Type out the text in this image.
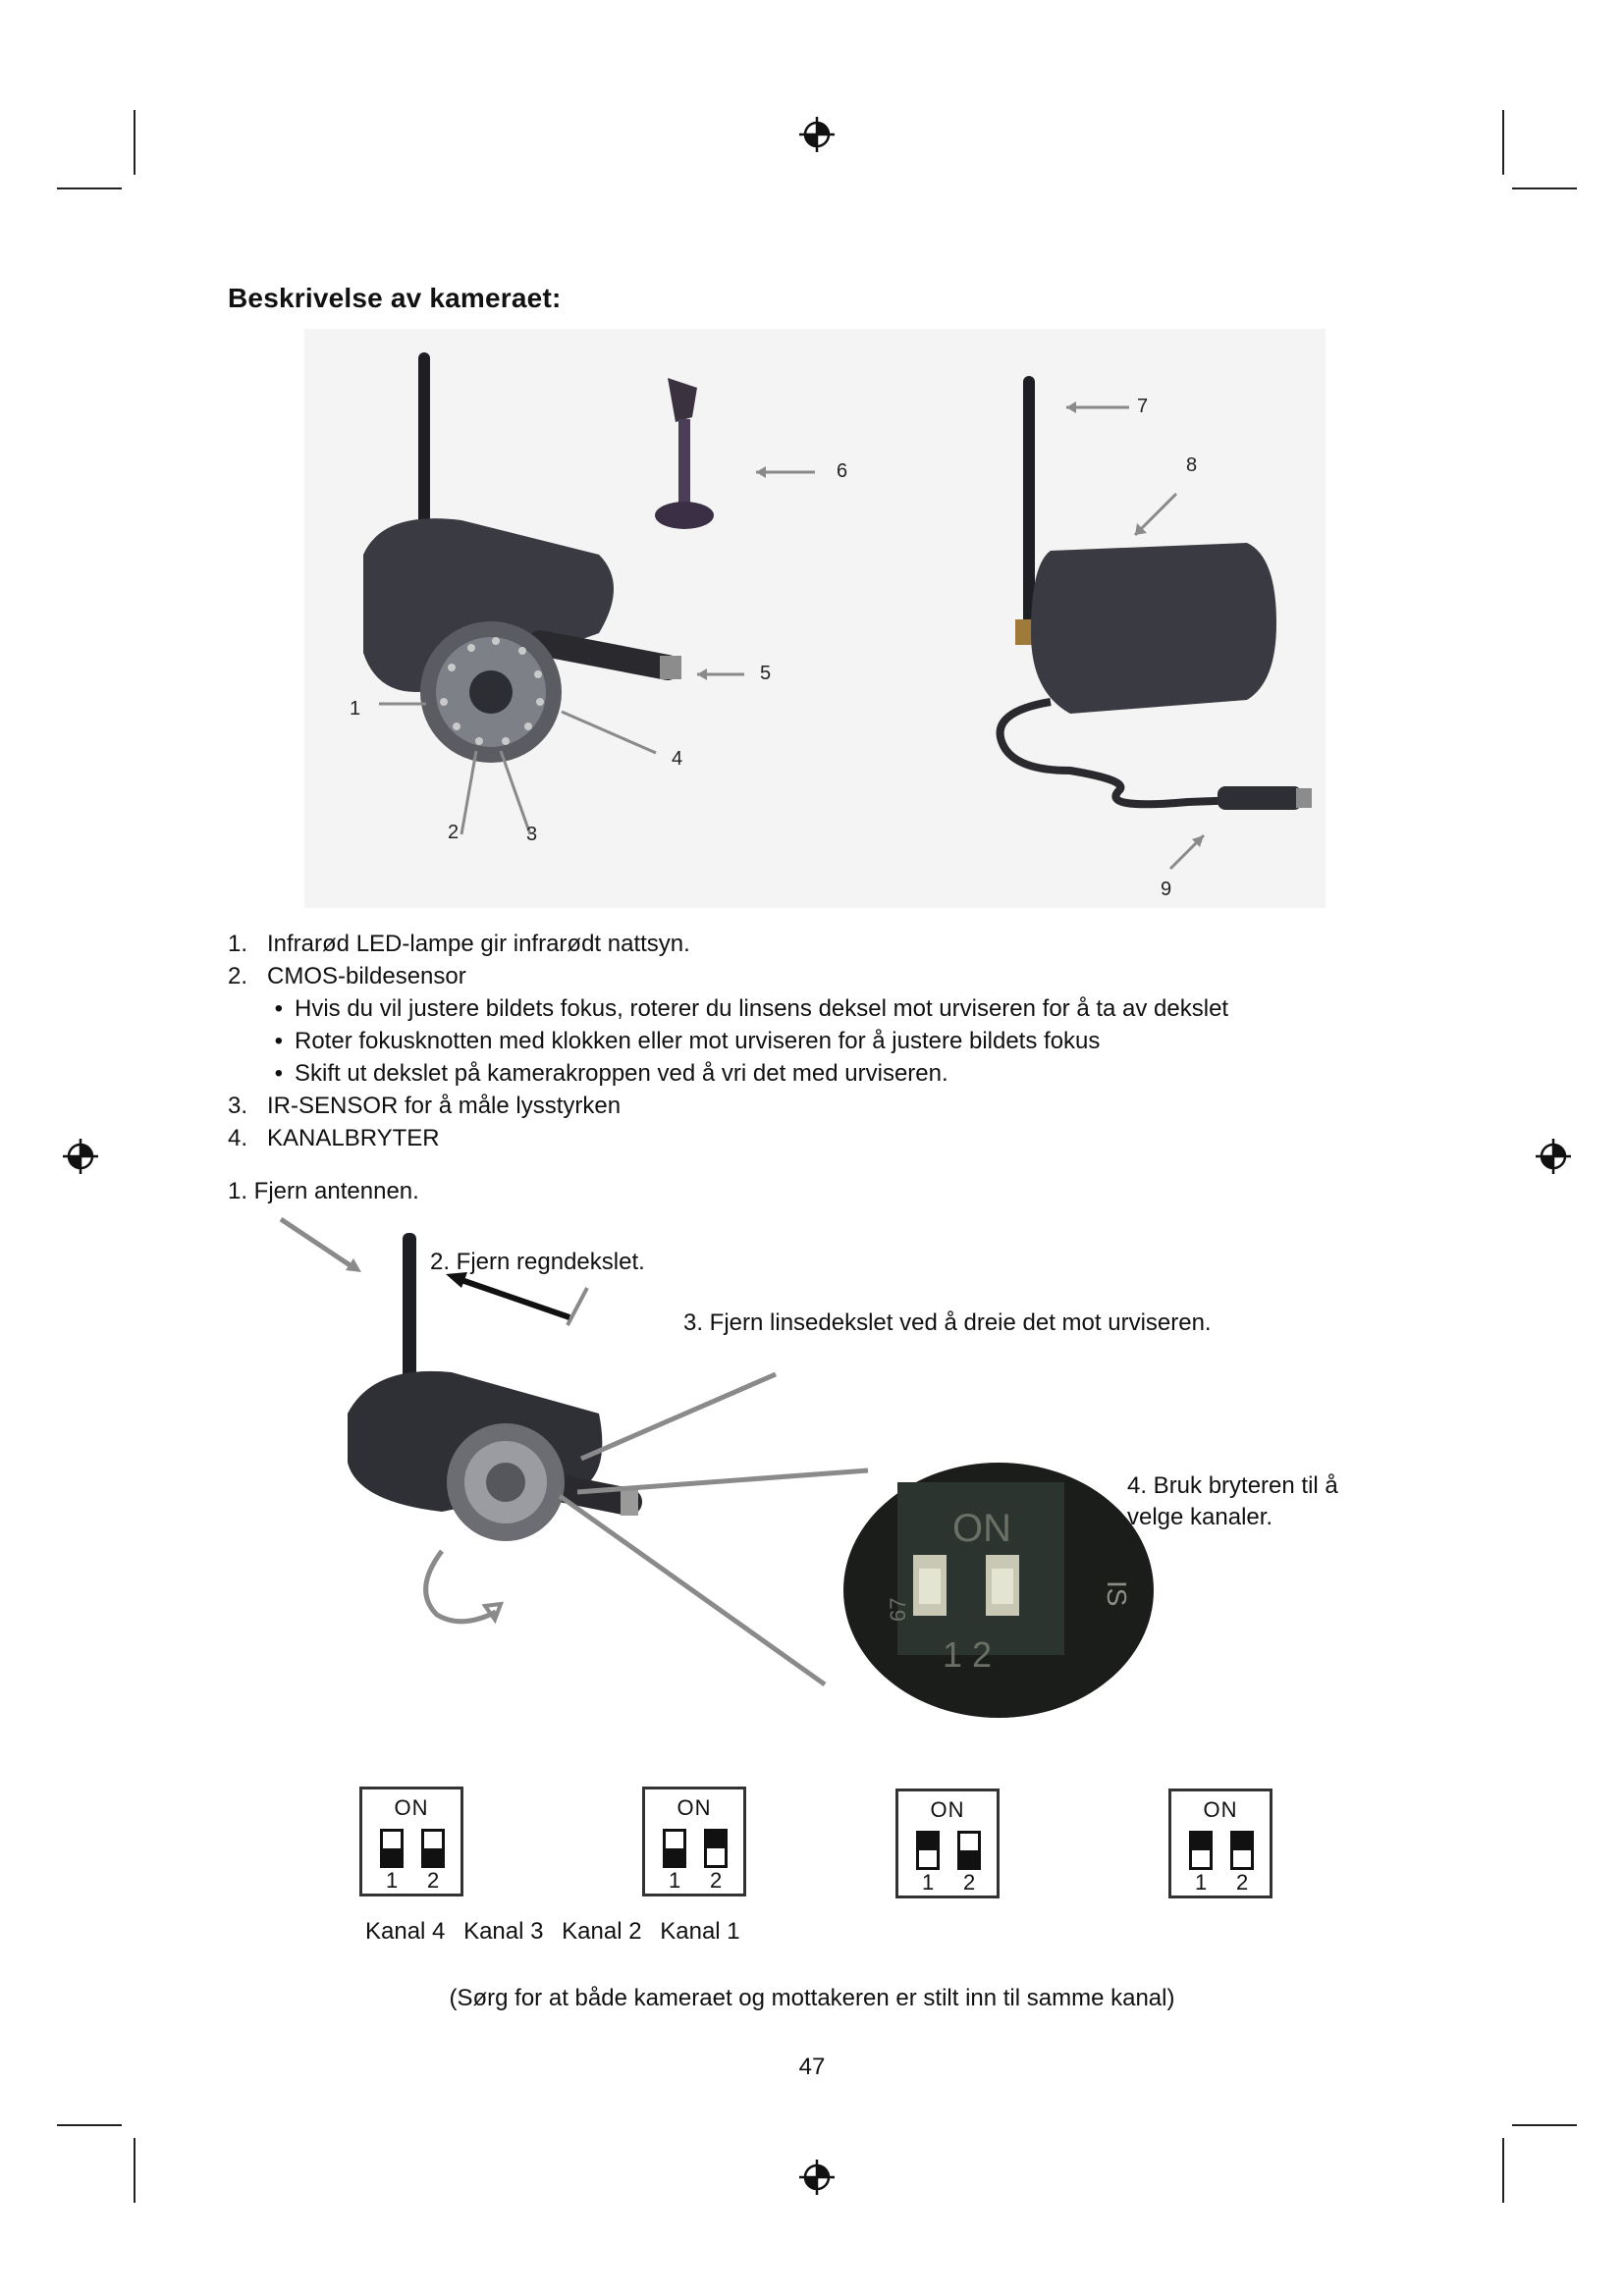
Beskrivelse av kameraet:
1
2	3
4
5
6
7
8
9
1. Infrarød LED-lampe gir infrarødt nattsyn.
2. CMOS-bildesensor
• Hvis du vil justere bildets fokus, roterer du linsens deksel mot urviseren for å ta av dekslet
• Roter fokusknotten med klokken eller mot urviseren for å justere bildets fokus
• Skift ut dekslet på kamerakroppen ved å vri det med urviseren.
3. IR-SENSOR for å måle lysstyrken
4. KANALBRYTER
ON
67
1 2
IS
1. Fjern antennen.
2. Fjern regndekslet.
3. Fjern linsedekslet ved å dreie det mot urviseren.
4. Bruk bryteren til å
velge kanaler.
ON
1 2
ON
1 2
ON
1 2
ON
1 2
Kanal 4 Kanal 3 Kanal 2 Kanal 1
(Sørg for at både kameraet og mottakeren er stilt inn til samme kanal)
47
